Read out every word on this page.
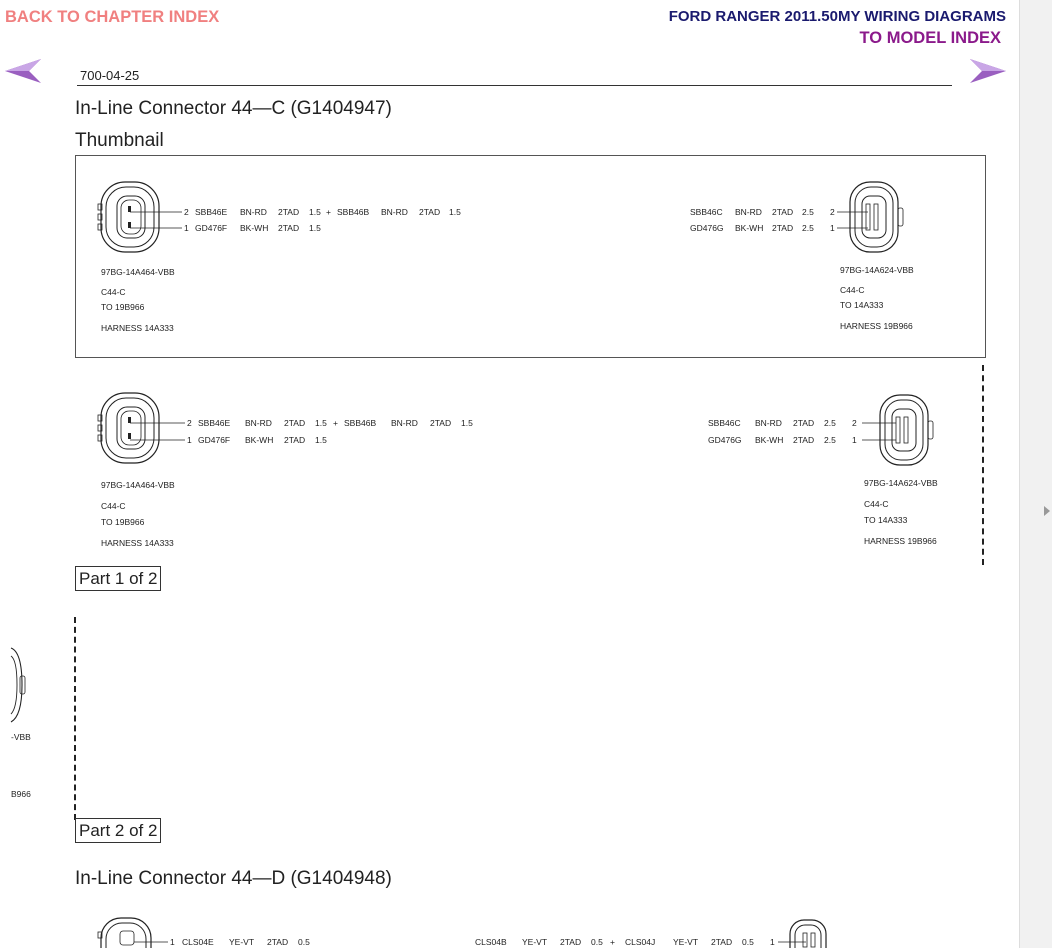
BACK TO CHAPTER INDEX	FORD RANGER 2011.50MY WIRING DIAGRAMS
TO MODEL INDEX
700-04-25
In-Line Connector 44—C (G1404947)
Thumbnail
2 SBB46E BN-RD 2TAD 1.5 + SBB46B BN-RD 2TAD 1.5
1 GD476F BK-WH 2TAD 1.5
97BG-14A464-VBB
C44-C
TO 19B966
HARNESS 14A333
SBB46C BN-RD 2TAD 2.5 2
GD476G BK-WH 2TAD 2.5 1
97BG-14A624-VBB
C44-C
TO 14A333
HARNESS 19B966
2 SBB46E BN-RD 2TAD 1.5 + SBB46B BN-RD 2TAD 1.5
1 GD476F BK-WH 2TAD 1.5
97BG-14A464-VBB
C44-C
TO 19B966
HARNESS 14A333
SBB46C BN-RD 2TAD 2.5 2
GD476G BK-WH 2TAD 2.5 1
97BG-14A624-VBB
C44-C
TO 14A333
HARNESS 19B966
-VBB
B966
1 CLS04E YE-VT 2TAD 0.5	CLS04B YE-VT 2TAD 0.5 + CLS04J YE-VT 2TAD 0.5 1
Part 1 of 2
Part 2 of 2
In-Line Connector 44—D (G1404948)
